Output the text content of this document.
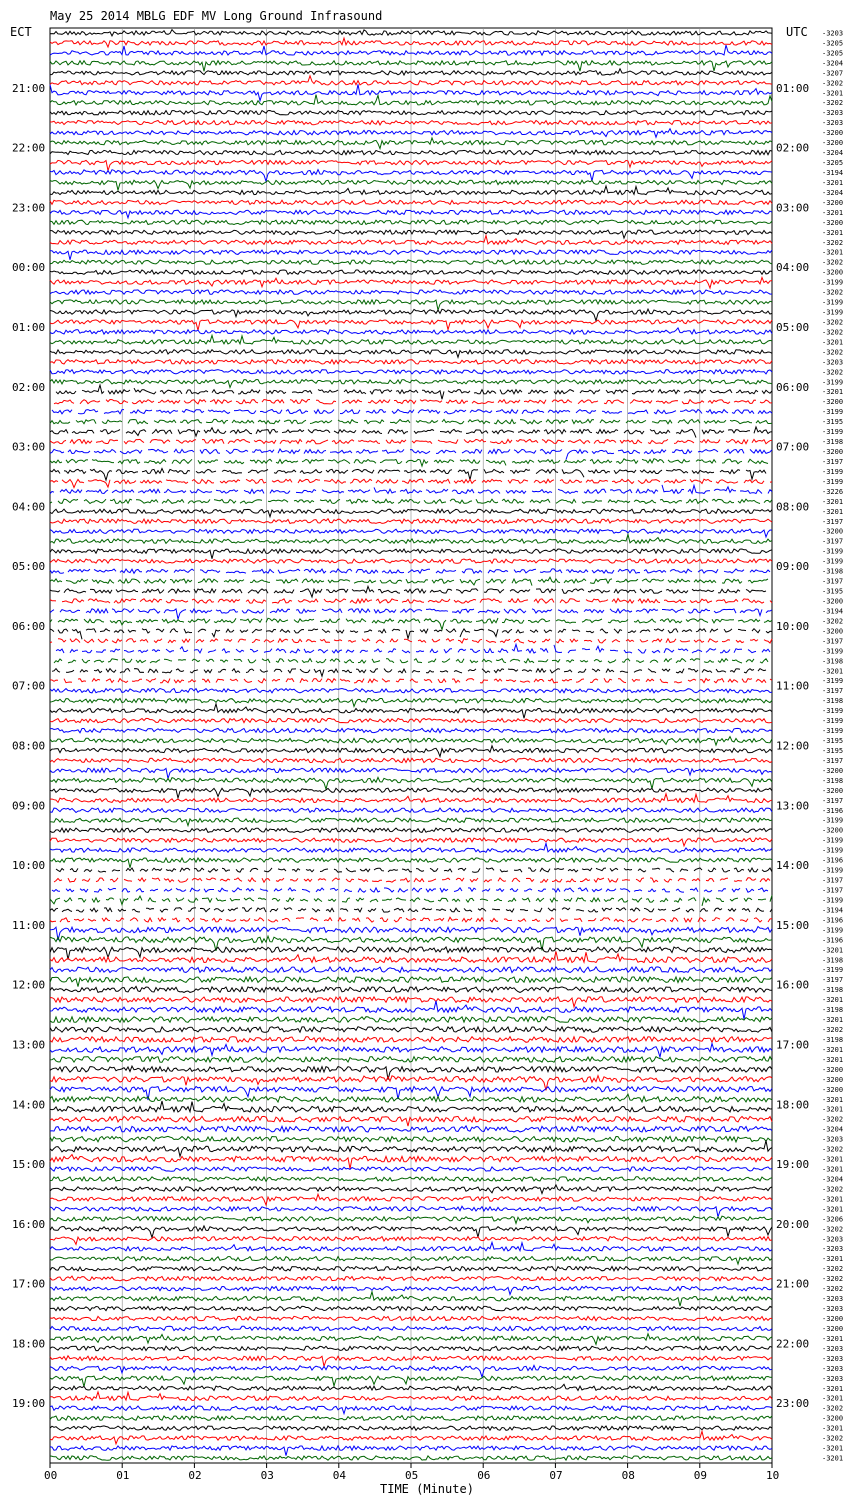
May 25 2014 MBLG EDF MV Long Ground Infrasound
ECT	UTC
TIME (Minute)
21:00
22:00
23:00
00:00
01:00
02:00
03:00
04:00
05:00
06:00
07:00
08:00
09:00
10:00
11:00
12:00
13:00
14:00
15:00
16:00
17:00
18:00
19:00
01:00
02:00
03:00
04:00
05:00
06:00
07:00
08:00
09:00
10:00
11:00
12:00
13:00
14:00
15:00
16:00
17:00
18:00
19:00
20:00
21:00
22:00
23:00
-3203
-3205
-3205
-3204
-3207
-3202
-3201
-3202
-3203
-3203
-3200
-3200
-3204
-3205
-3194
-3201
-3204
-3200
-3201
-3200
-3201
-3202
-3201
-3202
-3200
-3199
-3202
-3199
-3199
-3202
-3202
-3201
-3202
-3203
-3202
-3199
-3201
-3200
-3199
-3195
-3199
-3198
-3200
-3197
-3199
-3199
-3226
-3201
-3201
-3197
-3200
-3197
-3199
-3199
-3198
-3197
-3195
-3200
-3194
-3202
-3200
-3197
-3199
-3198
-3201
-3199
-3197
-3198
-3199
-3199
-3199
-3195
-3195
-3197
-3200
-3198
-3200
-3197
-3196
-3199
-3200
-3199
-3199
-3196
-3199
-3197
-3197
-3199
-3194
-3196
-3199
-3196
-3201
-3198
-3199
-3197
-3198
-3201
-3198
-3201
-3202
-3198
-3201
-3201
-3200
-3200
-3200
-3201
-3201
-3202
-3204
-3203
-3202
-3201
-3201
-3204
-3202
-3201
-3201
-3206
-3202
-3203
-3203
-3201
-3202
-3202
-3202
-3203
-3203
-3200
-3200
-3201
-3203
-3203
-3203
-3203
-3201
-3201
-3202
-3200
-3201
-3202
-3201
-3201
00	01	02	03	04	05	06	07	08	09	10
